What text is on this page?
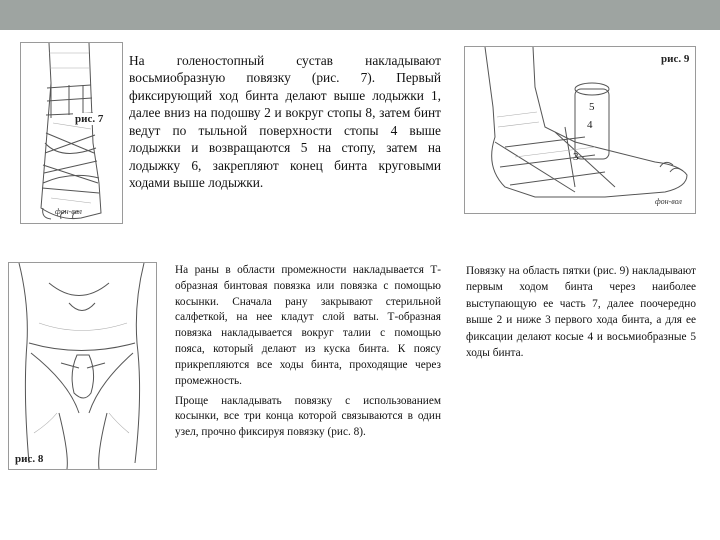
рис. 7
фон-вол
На голеностопный сустав накладывают восьмиобразную повязку (рис. 7). Первый фиксирующий ход бинта делают выше лодыжки 1, далее вниз на подошву 2 и вокруг стопы 8, затем бинт ведут по тыльной поверхности стопы 4 выше лодыжки и возвращаются 5 на стопу, затем на лодыжку 6, закрепляют конец бинта круговыми ходами выше лодыжки.
рис. 9
5
4
3
фон-вол
рис. 8

На раны в области промежности накладывается Т-образная бинтовая повязка или повязка с помощью косынки. Сначала рану закрывают стерильной салфеткой, на нее кладут слой ваты. Т-образная повязка накладывается вокруг талии с помощью пояса, который делают из куска бинта. К поясу прикрепляются все ходы бинта, проходящие через промежность.

Проще накладывать повязку с использованием косынки, все три конца которой связываются в один узел, прочно фиксируя повязку (рис. 8).

Повязку на область пятки (рис. 9) накладывают первым ходом бинта через наиболее выступающую ее часть 7, далее поочередно выше 2 и ниже 3 первого хода бинта, а для ее фиксации делают косые 4 и восьмиобразные 5 ходы бинта.
